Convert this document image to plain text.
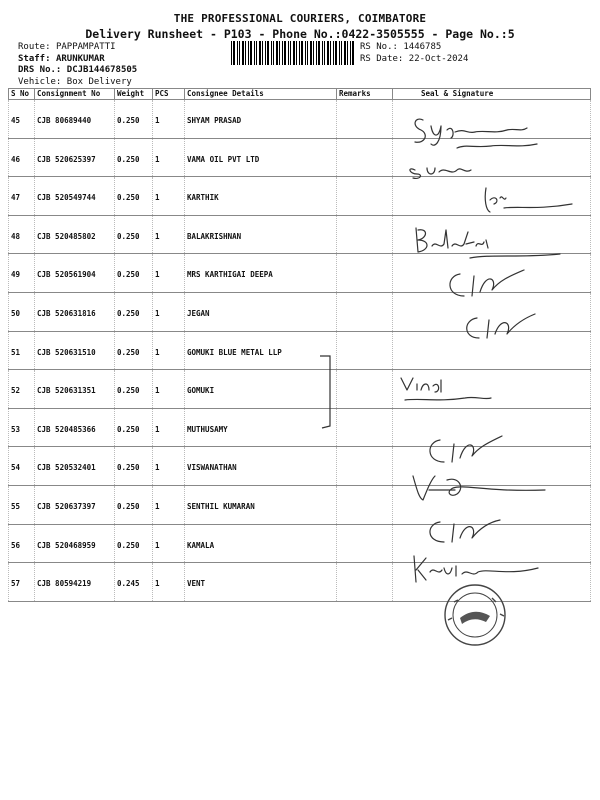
THE PROFESSIONAL COURIERS, COIMBATORE
Delivery Runsheet - P103 - Phone No.:0422-3505555 - Page No.:5
Route: PAPPAMPATTI
Staff: ARUNKUMAR
DRS No.: DCJB144678505
Vehicle: Box Delivery
RS No.: 1446785
RS Date: 22-Oct-2024
S No	Consignment No	Weight	PCS	Consignee Details	Remarks	Seal & Signature
45	CJB 80689440	0.250	1	SHYAM PRASAD		
46	CJB 520625397	0.250	1	VAMA OIL PVT LTD		
47	CJB 520549744	0.250	1	KARTHIK		
48	CJB 520485802	0.250	1	BALAKRISHNAN		
49	CJB 520561904	0.250	1	MRS KARTHIGAI DEEPA		
50	CJB 520631816	0.250	1	JEGAN		
51	CJB 520631510	0.250	1	GOMUKI BLUE METAL LLP		
52	CJB 520631351	0.250	1	GOMUKI		
53	CJB 520485366	0.250	1	MUTHUSAMY		
54	CJB 520532401	0.250	1	VISWANATHAN		
55	CJB 520637397	0.250	1	SENTHIL KUMARAN		
56	CJB 520468959	0.250	1	KAMALA		
57	CJB 80594219	0.245	1	VENT		
